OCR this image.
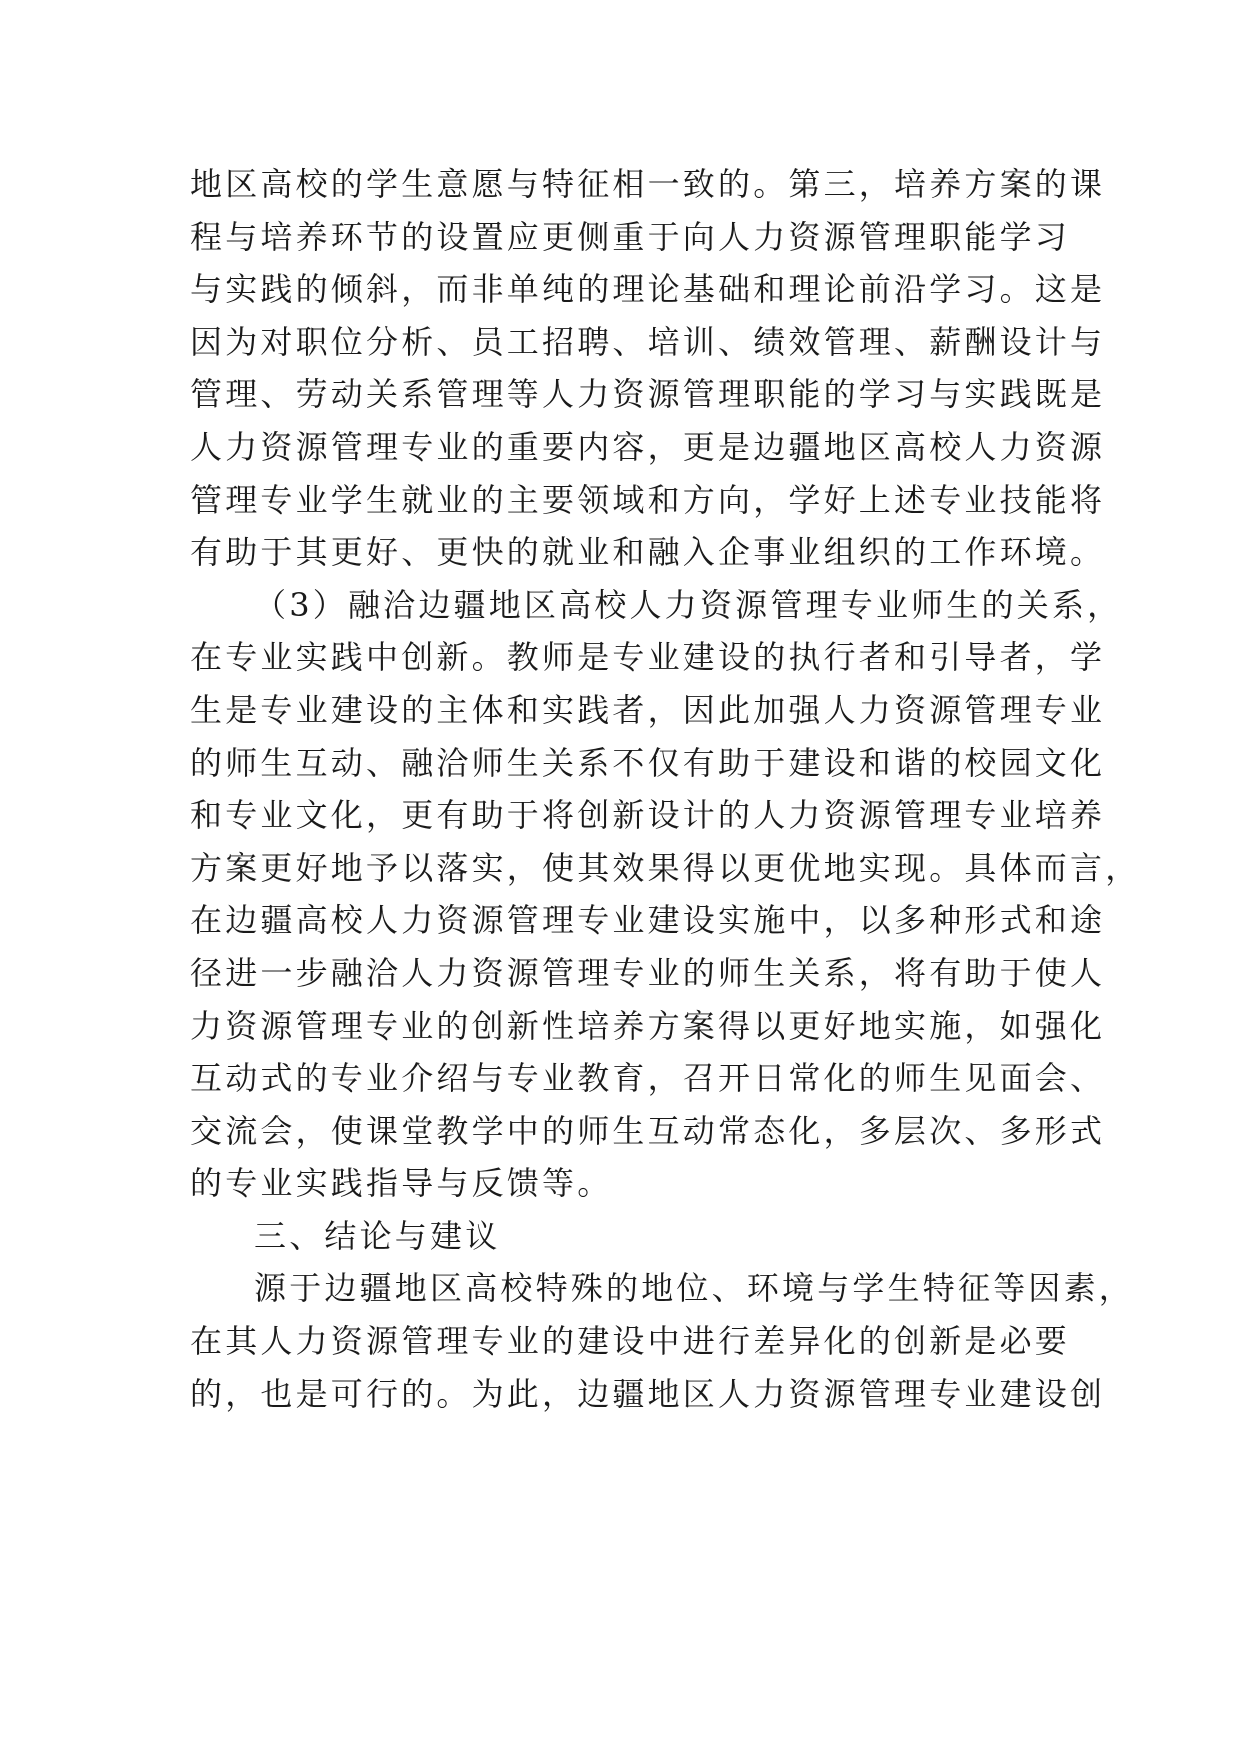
地区高校的学生意愿与特征相一致的。第三，培养方案的课
程与培养环节的设置应更侧重于向人力资源管理职能学习
与实践的倾斜，而非单纯的理论基础和理论前沿学习。这是
因为对职位分析、员工招聘、培训、绩效管理、薪酬设计与
管理、劳动关系管理等人力资源管理职能的学习与实践既是
人力资源管理专业的重要内容，更是边疆地区高校人力资源
管理专业学生就业的主要领域和方向，学好上述专业技能将
有助于其更好、更快的就业和融入企事业组织的工作环境。
（3）融洽边疆地区高校人力资源管理专业师生的关系，
在专业实践中创新。教师是专业建设的执行者和引导者，学
生是专业建设的主体和实践者，因此加强人力资源管理专业
的师生互动、融洽师生关系不仅有助于建设和谐的校园文化
和专业文化，更有助于将创新设计的人力资源管理专业培养
方案更好地予以落实，使其效果得以更优地实现。具体而言，
在边疆高校人力资源管理专业建设实施中，以多种形式和途
径进一步融洽人力资源管理专业的师生关系，将有助于使人
力资源管理专业的创新性培养方案得以更好地实施，如强化
互动式的专业介绍与专业教育，召开日常化的师生见面会、
交流会，使课堂教学中的师生互动常态化，多层次、多形式
的专业实践指导与反馈等。
三、结论与建议
源于边疆地区高校特殊的地位、环境与学生特征等因素，
在其人力资源管理专业的建设中进行差异化的创新是必要
的，也是可行的。为此，边疆地区人力资源管理专业建设创
